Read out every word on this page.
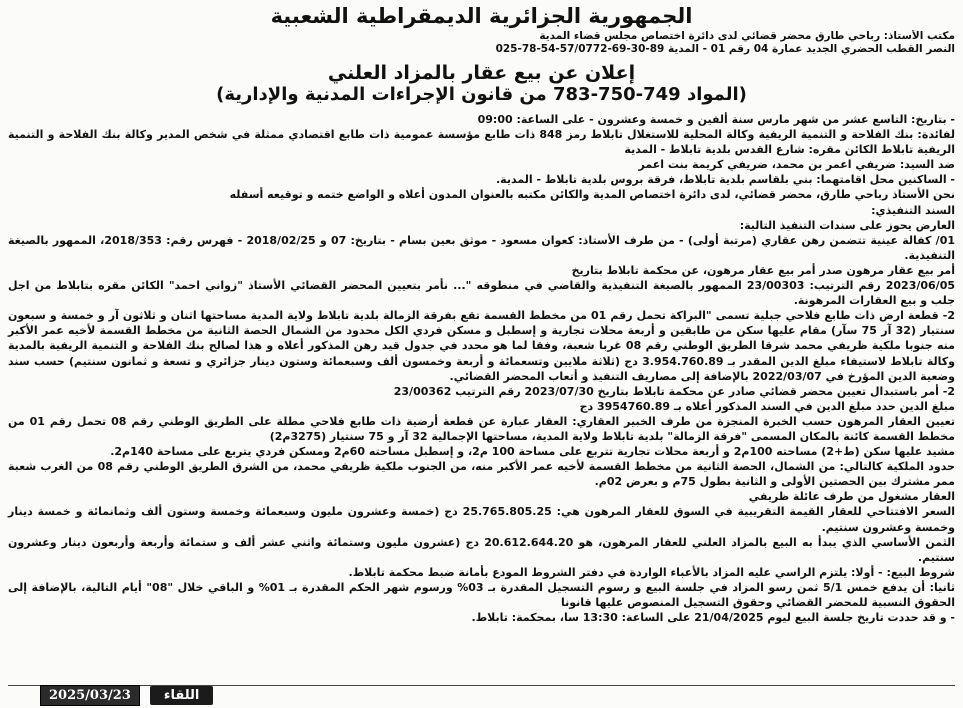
الجمهورية الجزائرية الديمقراطية الشعبية
مكتب الأستاذ: رباحي طارق محضر قضائي لدى دائرة اختصاص مجلس قضاء المدية
النصر القطب الحضري الجديد عمارة 04 رقم 01 - المدية 025-78-54-57/0772-69-30-89
إعلان عن بيع عقار بالمزاد العلني
(المواد 749-750-783 من قانون الإجراءات المدنية والإدارية)

- بتاريخ: التاسع عشر من شهر مارس سنة ألفين و خمسة وعشرون - على الساعة: 09:00

لفائدة: بنك الفلاحة و التنمية الريفية وكالة المحلية للاستغلال تابلاط رمز 848 ذات طابع مؤسسة عمومية ذات طابع اقتصادي ممثلة في شخص المدير وكالة بنك الفلاحة و التنمية الريفية تابلاط الكائن مقره: شارع القدس بلدية تابلاط - المدية

ضد السيد: ضريفي اعمر بن محمد، ضريفي كريمة بنت اعمر

- الساكنين محل اقامتهما: بني بلقاسم بلدية تابلاط، فرقة بروس بلدية تابلاط - المدية.

نحن الأستاذ رباحي طارق، محضر قضائي، لدى دائرة اختصاص المدية والكائن مكتبه بالعنوان المدون أعلاه و الواضع ختمه و توقيعه أسفله

السند التنفيذي:

العارض يحوز على سندات التنفيذ التالية:

01/ كفالة عينية تتضمن رهن عقاري (مرتبة أولى) - من طرف الأستاذ: كعوان مسعود - موثق بعين بسام - بتاريخ: 07 و 2018/02/25 - فهرس رقم: 2018/353، الممهور بالصيغة التنفيذية.

أمر بيع عقار مرهون صدر أمر بيع عقار مرهون، عن محكمة تابلاط بتاريخ

2023/06/05 رقم الترتيب: 23/00303 الممهور بالصيغة التنفيذية والقاضي في منطوقه "... نأمر بتعيين المحضر القضائي الأستاذ "زواني احمد" الكائن مقره بتابلاط من اجل جلب و بيع العقارات المرهونة.

2- قطعة ارض ذات طابع فلاحي جبلية تسمى "البراكة تحمل رقم 01 من مخطط القسمة تقع بفرقة الزمالة بلدية تابلاط ولاية المدية مساحتها اثنان و ثلاثون آر و خمسة و سبعون سنتيار (32 آر 75 سآر) مقام عليها سكن من طابقين و أربعة محلات تجارية و إسطبل و مسكن فردي الكل محدود من الشمال الحصة الثانية من مخطط القسمة لأخيه عمر الأكبر منه جنوبا ملكية ظريفي محمد شرقا الطريق الوطني رقم 08 غربا شعبة، وفقا لما هو محدد في جدول قيد رهن المذكور أعلاه و هذا لصالح بنك الفلاحة و التنمية الريفية بالمدية وكالة تابلاط لاستيفاء مبلغ الدين المقدر بـ 3.954.760.89 دج (ثلاثة ملايين وتسعمائة و أربعة وخمسون ألف وسبعمائة وستون دينار جزائري و تسعة و ثمانون سنتيم) حسب سند وضعية الدين المؤرخ في 2022/03/07 بالإضافة إلى مصاريف التنفيذ و أتعاب المحضر القضائي.

2- أمر باستبدال تعيين محضر قضائي صادر عن محكمة تابلاط بتاريخ 2023/07/30 رقم الترتيب 23/00362

مبلغ الدين حدد مبلغ الدين في السند المذكور أعلاه بـ 3954760.89 دج

تعيين العقار المرهون حسب الخبرة المنجزة من طرف الخبير العقاري: العقار عبارة عن قطعة أرضية ذات طابع فلاحي مطلة على الطريق الوطني رقم 08 تحمل رقم 01 من مخطط القسمة كائنة بالمكان المسمى "فرقة الزمالة" بلدية تابلاط ولاية المدية، مساحتها الإجمالية 32 آر و 75 سنتيار (3275م2)

مشيد عليها سكن (ط+2) مساحته 100م2 و أربعة محلات تجارية تتربع على مساحة 100 م2، و إسطبل مساحته 60م2 ومسكن فردي يتربع على مساحة 140م2.

حدود الملكية كالتالي: من الشمال، الحصة الثانية من مخطط القسمة لأخيه عمر الأكبر منه، من الجنوب ملكية ظريفي محمد، من الشرق الطريق الوطني رقم 08 من الغرب شعبة ممر مشترك بين الحصتين الأولى و الثانية بطول 75م و بعرض 02م.

العقار مشغول من طرف عائلة ظريفي

السعر الافتتاحي للعقار القيمة التقريبية في السوق للعقار المرهون هي: 25.765.805.25 دج (خمسة وعشرون مليون وسبعمائة وخمسة وستون ألف وثمانمائة و خمسة دينار وخمسة وعشرون سنتيم.

الثمن الأساسي الذي يبدأ به البيع بالمزاد العلني للعقار المرهون، هو 20.612.644.20 دج (عشرون مليون وستمائة واثني عشر ألف و ستمائة وأربعة وأربعون دينار وعشرون سنتيم.

شروط البيع: - أولا: يلتزم الراسي عليه المزاد بالأعباء الواردة في دفتر الشروط المودع بأمانة ضبط محكمة تابلاط.

ثانيا: أن يدفع خمس 5/1 ثمن رسو المزاد في جلسة البيع و رسوم التسجيل المقدرة بـ 03% ورسوم شهر الحكم المقدرة بـ 01% و الباقي خلال "08" أيام التالية، بالإضافة إلى الحقوق النسبية للمحضر القضائي وحقوق التسجيل المنصوص عليها قانونا

- و قد حددت تاريخ جلسة البيع ليوم 21/04/2025 على الساعة: 13:30 سا، بمحكمة: تابلاط.

2025/03/23	اللقاء
